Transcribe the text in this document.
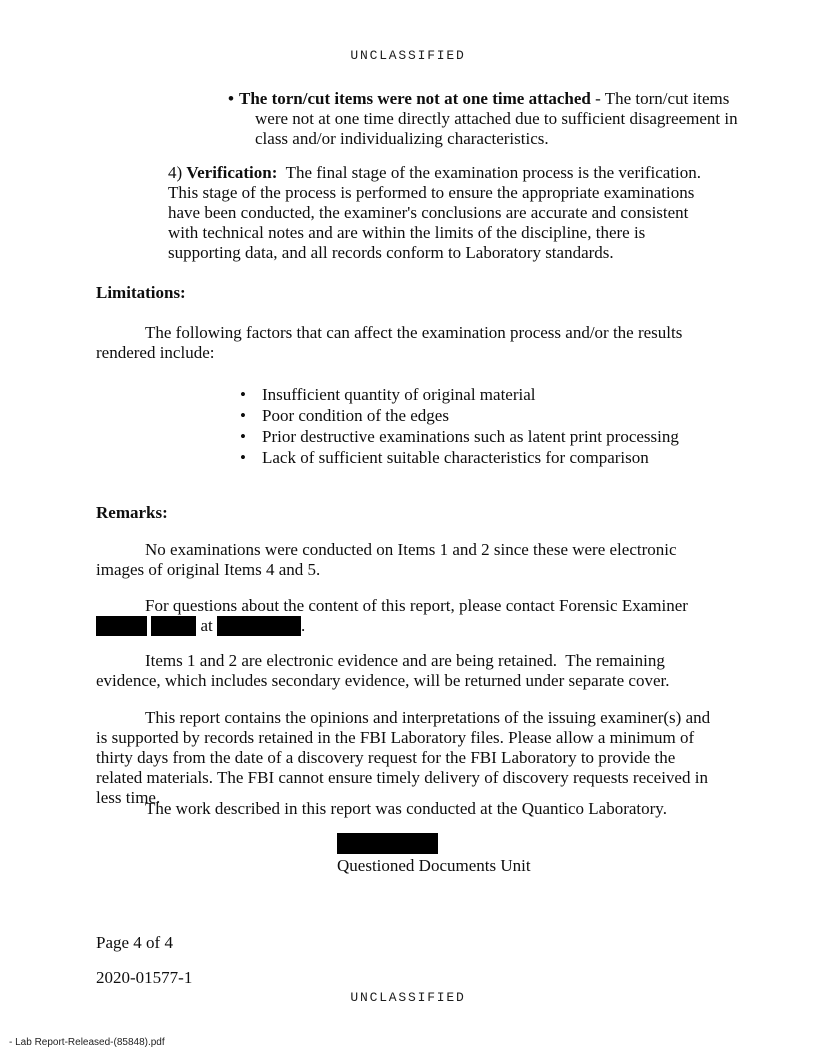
UNCLASSIFIED
• The torn/cut items were not at one time attached - The torn/cut items were not at one time directly attached due to sufficient disagreement in class and/or individualizing characteristics.
4) Verification:  The final stage of the examination process is the verification.  This stage of the process is performed to ensure the appropriate examinations have been conducted, the examiner's conclusions are accurate and consistent with technical notes and are within the limits of the discipline, there is supporting data, and all records conform to Laboratory standards.
Limitations:
The following factors that can affect the examination process and/or the results rendered include:
• Insufficient quantity of original material
• Poor condition of the edges
• Prior destructive examinations such as latent print processing
• Lack of sufficient suitable characteristics for comparison
Remarks:
No examinations were conducted on Items 1 and 2 since these were electronic images of original Items 4 and 5.
For questions about the content of this report, please contact Forensic Examiner   at	.
Items 1 and 2 are electronic evidence and are being retained.  The remaining evidence, which includes secondary evidence, will be returned under separate cover.
This report contains the opinions and interpretations of the issuing examiner(s) and is supported by records retained in the FBI Laboratory files. Please allow a minimum of thirty days from the date of a discovery request for the FBI Laboratory to provide the related materials. The FBI cannot ensure timely delivery of discovery requests received in less time.
The work described in this report was conducted at the Quantico Laboratory.
Questioned Documents Unit
Page 4 of 4
2020-01577-1
UNCLASSIFIED
- Lab Report-Released-(85848).pdf
